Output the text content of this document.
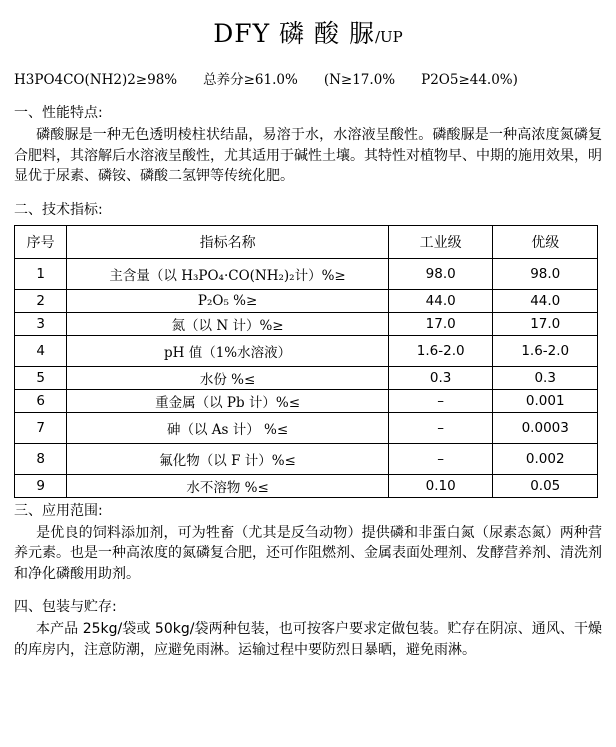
DFY 磷 酸 脲/UP
H3PO4CO(NH2)2≥98% 总养分≥61.0% (N≥17.0% P2O5≥44.0%)
一、性能特点:
磷酸脲是一种无色透明棱柱状结晶，易溶于水，水溶液呈酸性。磷酸脲是一种高浓度氮磷复合肥料，其溶解后水溶液呈酸性，尤其适用于碱性土壤。其特性对植物早、中期的施用效果，明显优于尿素、磷铵、磷酸二氢钾等传统化肥。
二、技术指标:
序号	指标名称	工业级	优级
1	主含量（以 H₃PO₄·CO(NH₂)₂计）%≥	98.0	98.0
2	P₂O₅ %≥	44.0	44.0
3	氮（以 N 计）%≥	17.0	17.0
4	pH 值（1%水溶液）	1.6-2.0	1.6-2.0
5	水份 %≤	0.3	0.3
6	重金属（以 Pb 计）%≤	–	0.001
7	砷（以 As 计） %≤	–	0.0003
8	氟化物（以 F 计）%≤	–	0.002
9	水不溶物 %≤	0.10	0.05
三、应用范围:
是优良的饲料添加剂，可为牲畜（尤其是反刍动物）提供磷和非蛋白氮（尿素态氮）两种营养元素。也是一种高浓度的氮磷复合肥，还可作阻燃剂、金属表面处理剂、发酵营养剂、清洗剂和净化磷酸用助剂。
四、包装与贮存:
本产品 25kg/袋或 50kg/袋两种包装，也可按客户要求定做包装。贮存在阴凉、通风、干燥的库房内，注意防潮，应避免雨淋。运输过程中要防烈日暴晒，避免雨淋。
